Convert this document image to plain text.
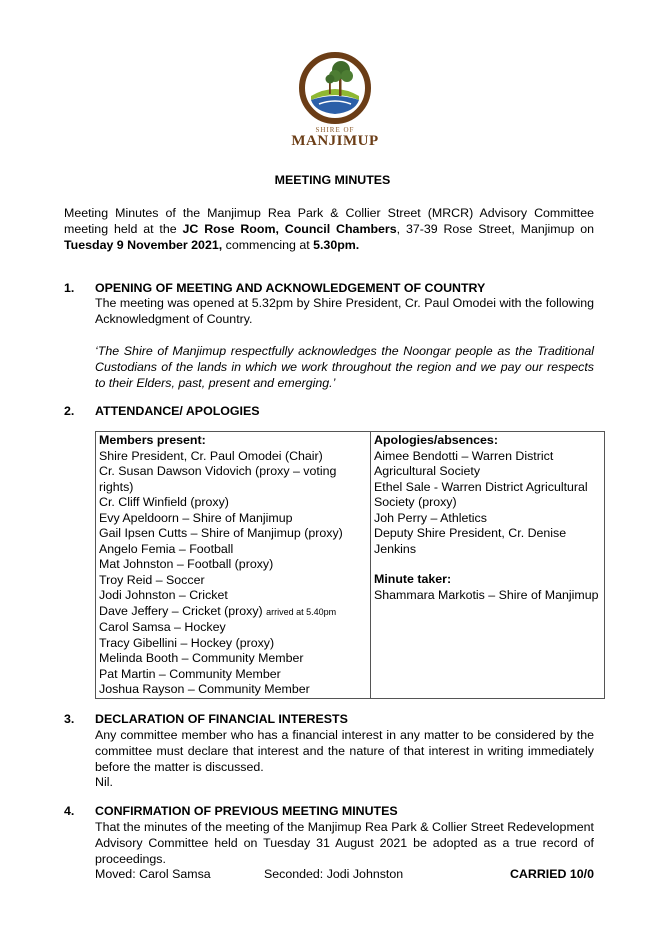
SHIRE OF
MANJIMUP
MEETING MINUTES
Meeting Minutes of the Manjimup Rea Park & Collier Street (MRCR) Advisory Committee meeting held at the JC Rose Room, Council Chambers, 37-39 Rose Street, Manjimup on Tuesday 9 November 2021, commencing at 5.30pm.
1. OPENING OF MEETING AND ACKNOWLEDGEMENT OF COUNTRY
The meeting was opened at 5.32pm by Shire President, Cr. Paul Omodei with the following Acknowledgment of Country.
‘The Shire of Manjimup respectfully acknowledges the Noongar people as the Traditional Custodians of the lands in which we work throughout the region and we pay our respects to their Elders, past, present and emerging.’
2. ATTENDANCE/ APOLOGIES
Members present:
Shire President, Cr. Paul Omodei (Chair)
Cr. Susan Dawson Vidovich (proxy – voting rights)
Cr. Cliff Winfield (proxy)
Evy Apeldoorn – Shire of Manjimup
Gail Ipsen Cutts – Shire of Manjimup (proxy)
Angelo Femia – Football
Mat Johnston – Football (proxy)
Troy Reid – Soccer
Jodi Johnston – Cricket
Dave Jeffery – Cricket (proxy) arrived at 5.40pm
Carol Samsa – Hockey
Tracy Gibellini – Hockey (proxy)
Melinda Booth – Community Member
Pat Martin – Community Member
Joshua Rayson – Community Member

Apologies/absences:
Aimee Bendotti – Warren District Agricultural Society
Ethel Sale - Warren District Agricultural Society (proxy)
Joh Perry – Athletics
Deputy Shire President, Cr. Denise Jenkins
Minute taker:
Shammara Markotis – Shire of Manjimup
3. DECLARATION OF FINANCIAL INTERESTS
Any committee member who has a financial interest in any matter to be considered by the committee must declare that interest and the nature of that interest in writing immediately before the matter is discussed.
Nil.
4. CONFIRMATION OF PREVIOUS MEETING MINUTES
That the minutes of the meeting of the Manjimup Rea Park & Collier Street Redevelopment Advisory Committee held on Tuesday 31 August 2021 be adopted as a true record of proceedings.
Moved: Carol Samsa	Seconded: Jodi Johnston	CARRIED 10/0
